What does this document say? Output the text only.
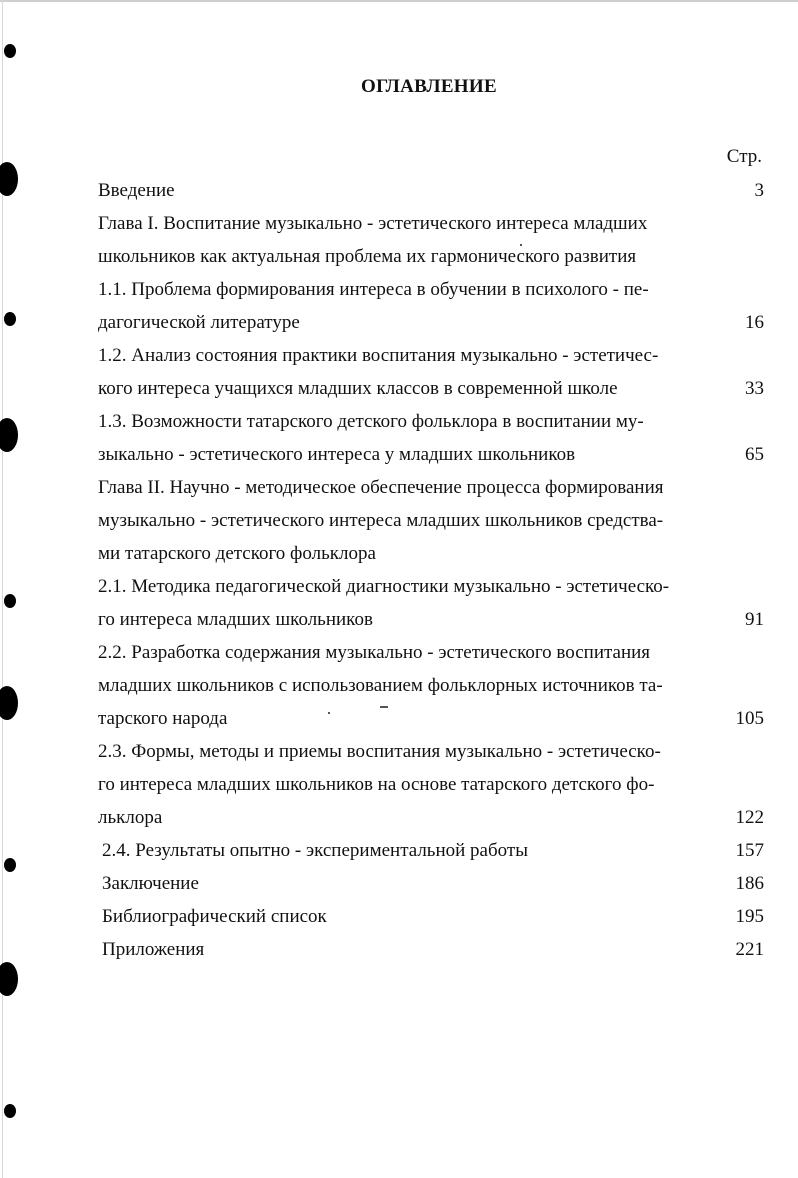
ОГЛАВЛЕНИЕ
Стр.
Введение	3
Глава I. Воспитание музыкально - эстетического интереса младших
школьников как актуальная проблема их гармонического развития
1.1. Проблема формирования интереса в обучении в психолого - пе-
дагогической литературе	16
1.2. Анализ состояния практики воспитания музыкально - эстетичес-
кого интереса учащихся младших классов в современной школе	33
1.3. Возможности татарского детского фольклора в воспитании му-
зыкально - эстетического интереса у младших школьников	65
Глава II. Научно - методическое обеспечение процесса формирования
музыкально - эстетического интереса младших школьников средства-
ми татарского детского фольклора
2.1. Методика педагогической диагностики музыкально - эстетическо-
го интереса младших школьников	91
2.2. Разработка содержания музыкально - эстетического воспитания
младших школьников с использованием фольклорных источников та-
тарского народа	105
2.3. Формы, методы и приемы воспитания музыкально - эстетическо-
го интереса младших школьников на основе татарского детского фо-
льклора	122
2.4. Результаты опытно - экспериментальной работы	157
Заключение	186
Библиографический список	195
Приложения	221
